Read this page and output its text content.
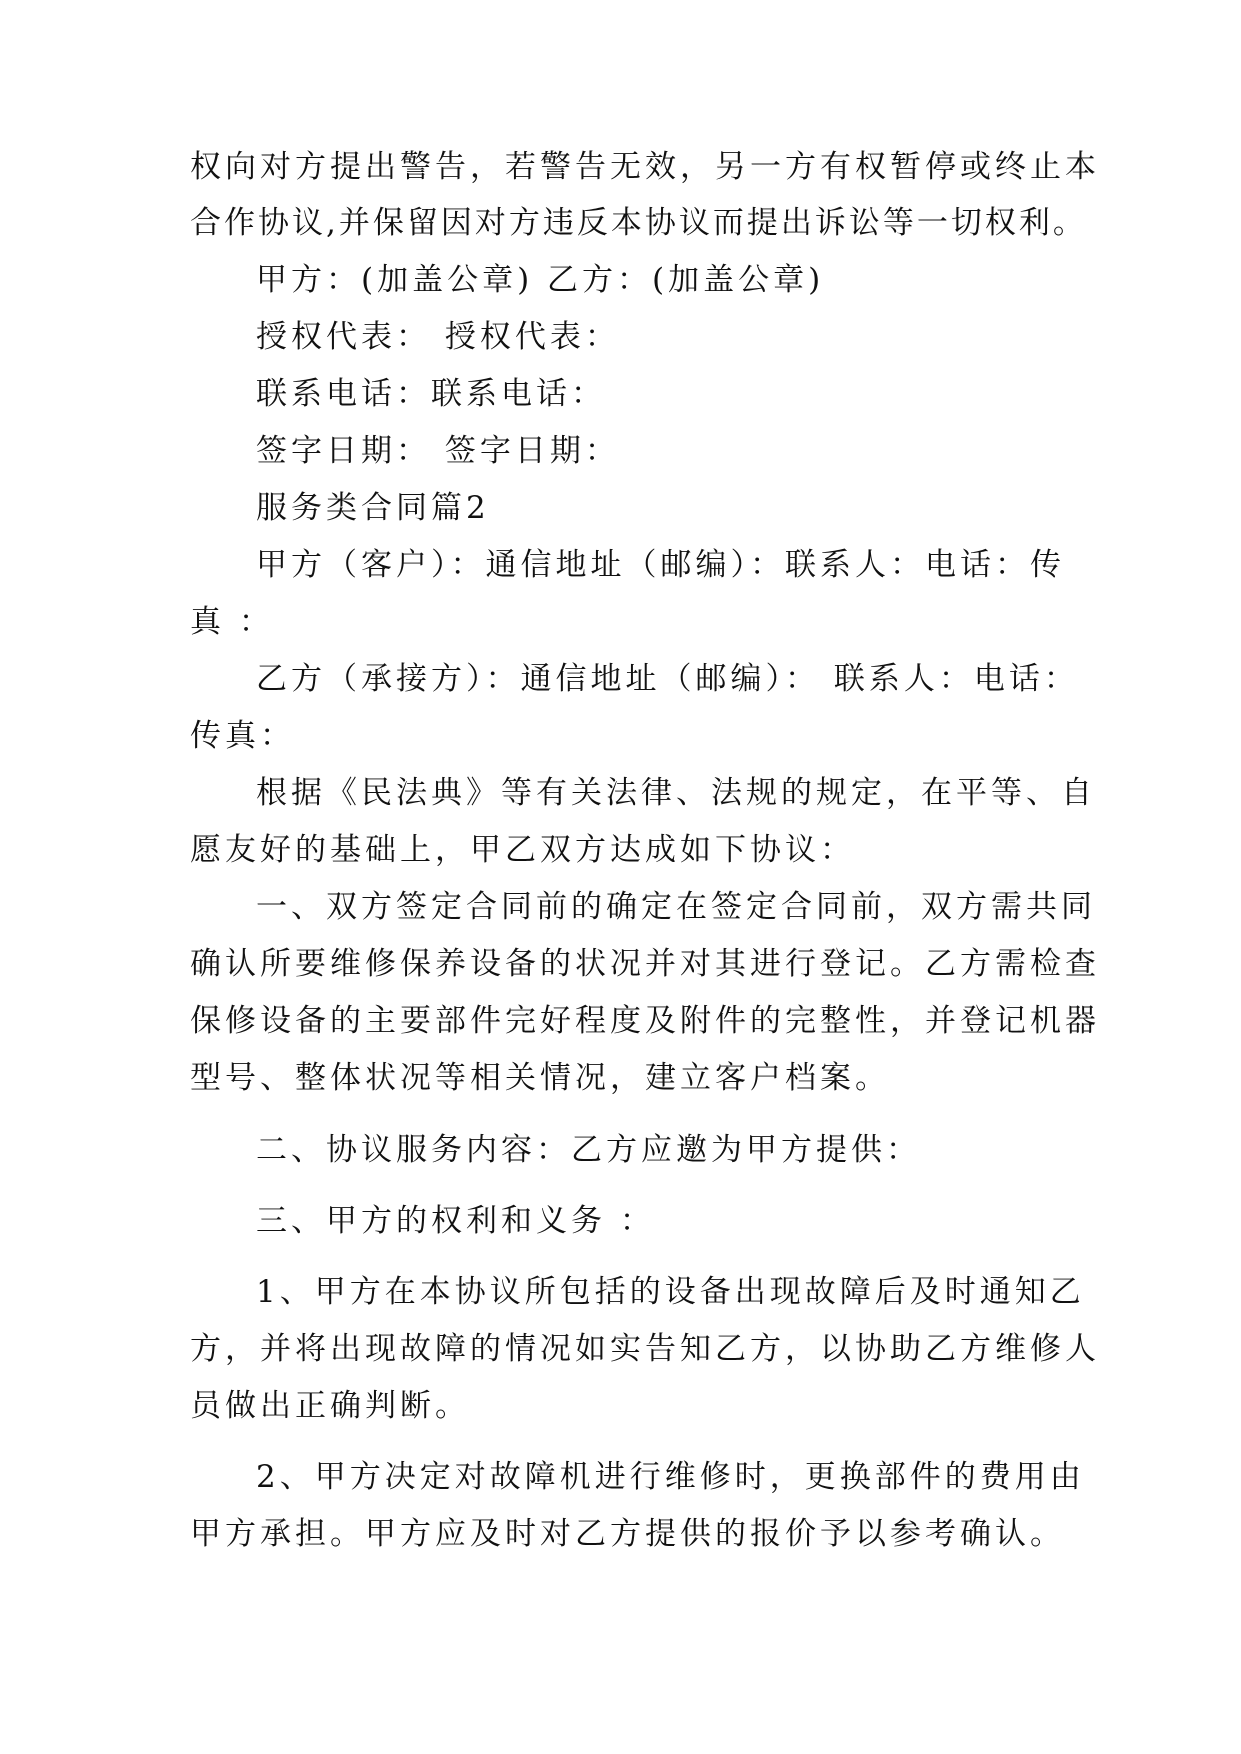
权向对方提出警告，若警告无效，另一方有权暂停或终止本

合作协议,并保留因对方违反本协议而提出诉讼等一切权利。

甲方：(加盖公章) 乙方：(加盖公章)

授权代表： 授权代表：

联系电话：联系电话：

签字日期： 签字日期：

服务类合同篇2

甲方（客户）：通信地址（邮编）：联系人：电话：传

真 ：

乙方（承接方）：通信地址（邮编）： 联系人：电话：

传真：

根据《民法典》等有关法律、法规的规定，在平等、自

愿友好的基础上，甲乙双方达成如下协议：

一、双方签定合同前的确定在签定合同前，双方需共同

确认所要维修保养设备的状况并对其进行登记。乙方需检查

保修设备的主要部件完好程度及附件的完整性，并登记机器

型号、整体状况等相关情况，建立客户档案。

二、协议服务内容：乙方应邀为甲方提供：

三、甲方的权利和义务 ：

1、甲方在本协议所包括的设备出现故障后及时通知乙

方，并将出现故障的情况如实告知乙方，以协助乙方维修人

员做出正确判断。

2、甲方决定对故障机进行维修时，更换部件的费用由

甲方承担。甲方应及时对乙方提供的报价予以参考确认。
